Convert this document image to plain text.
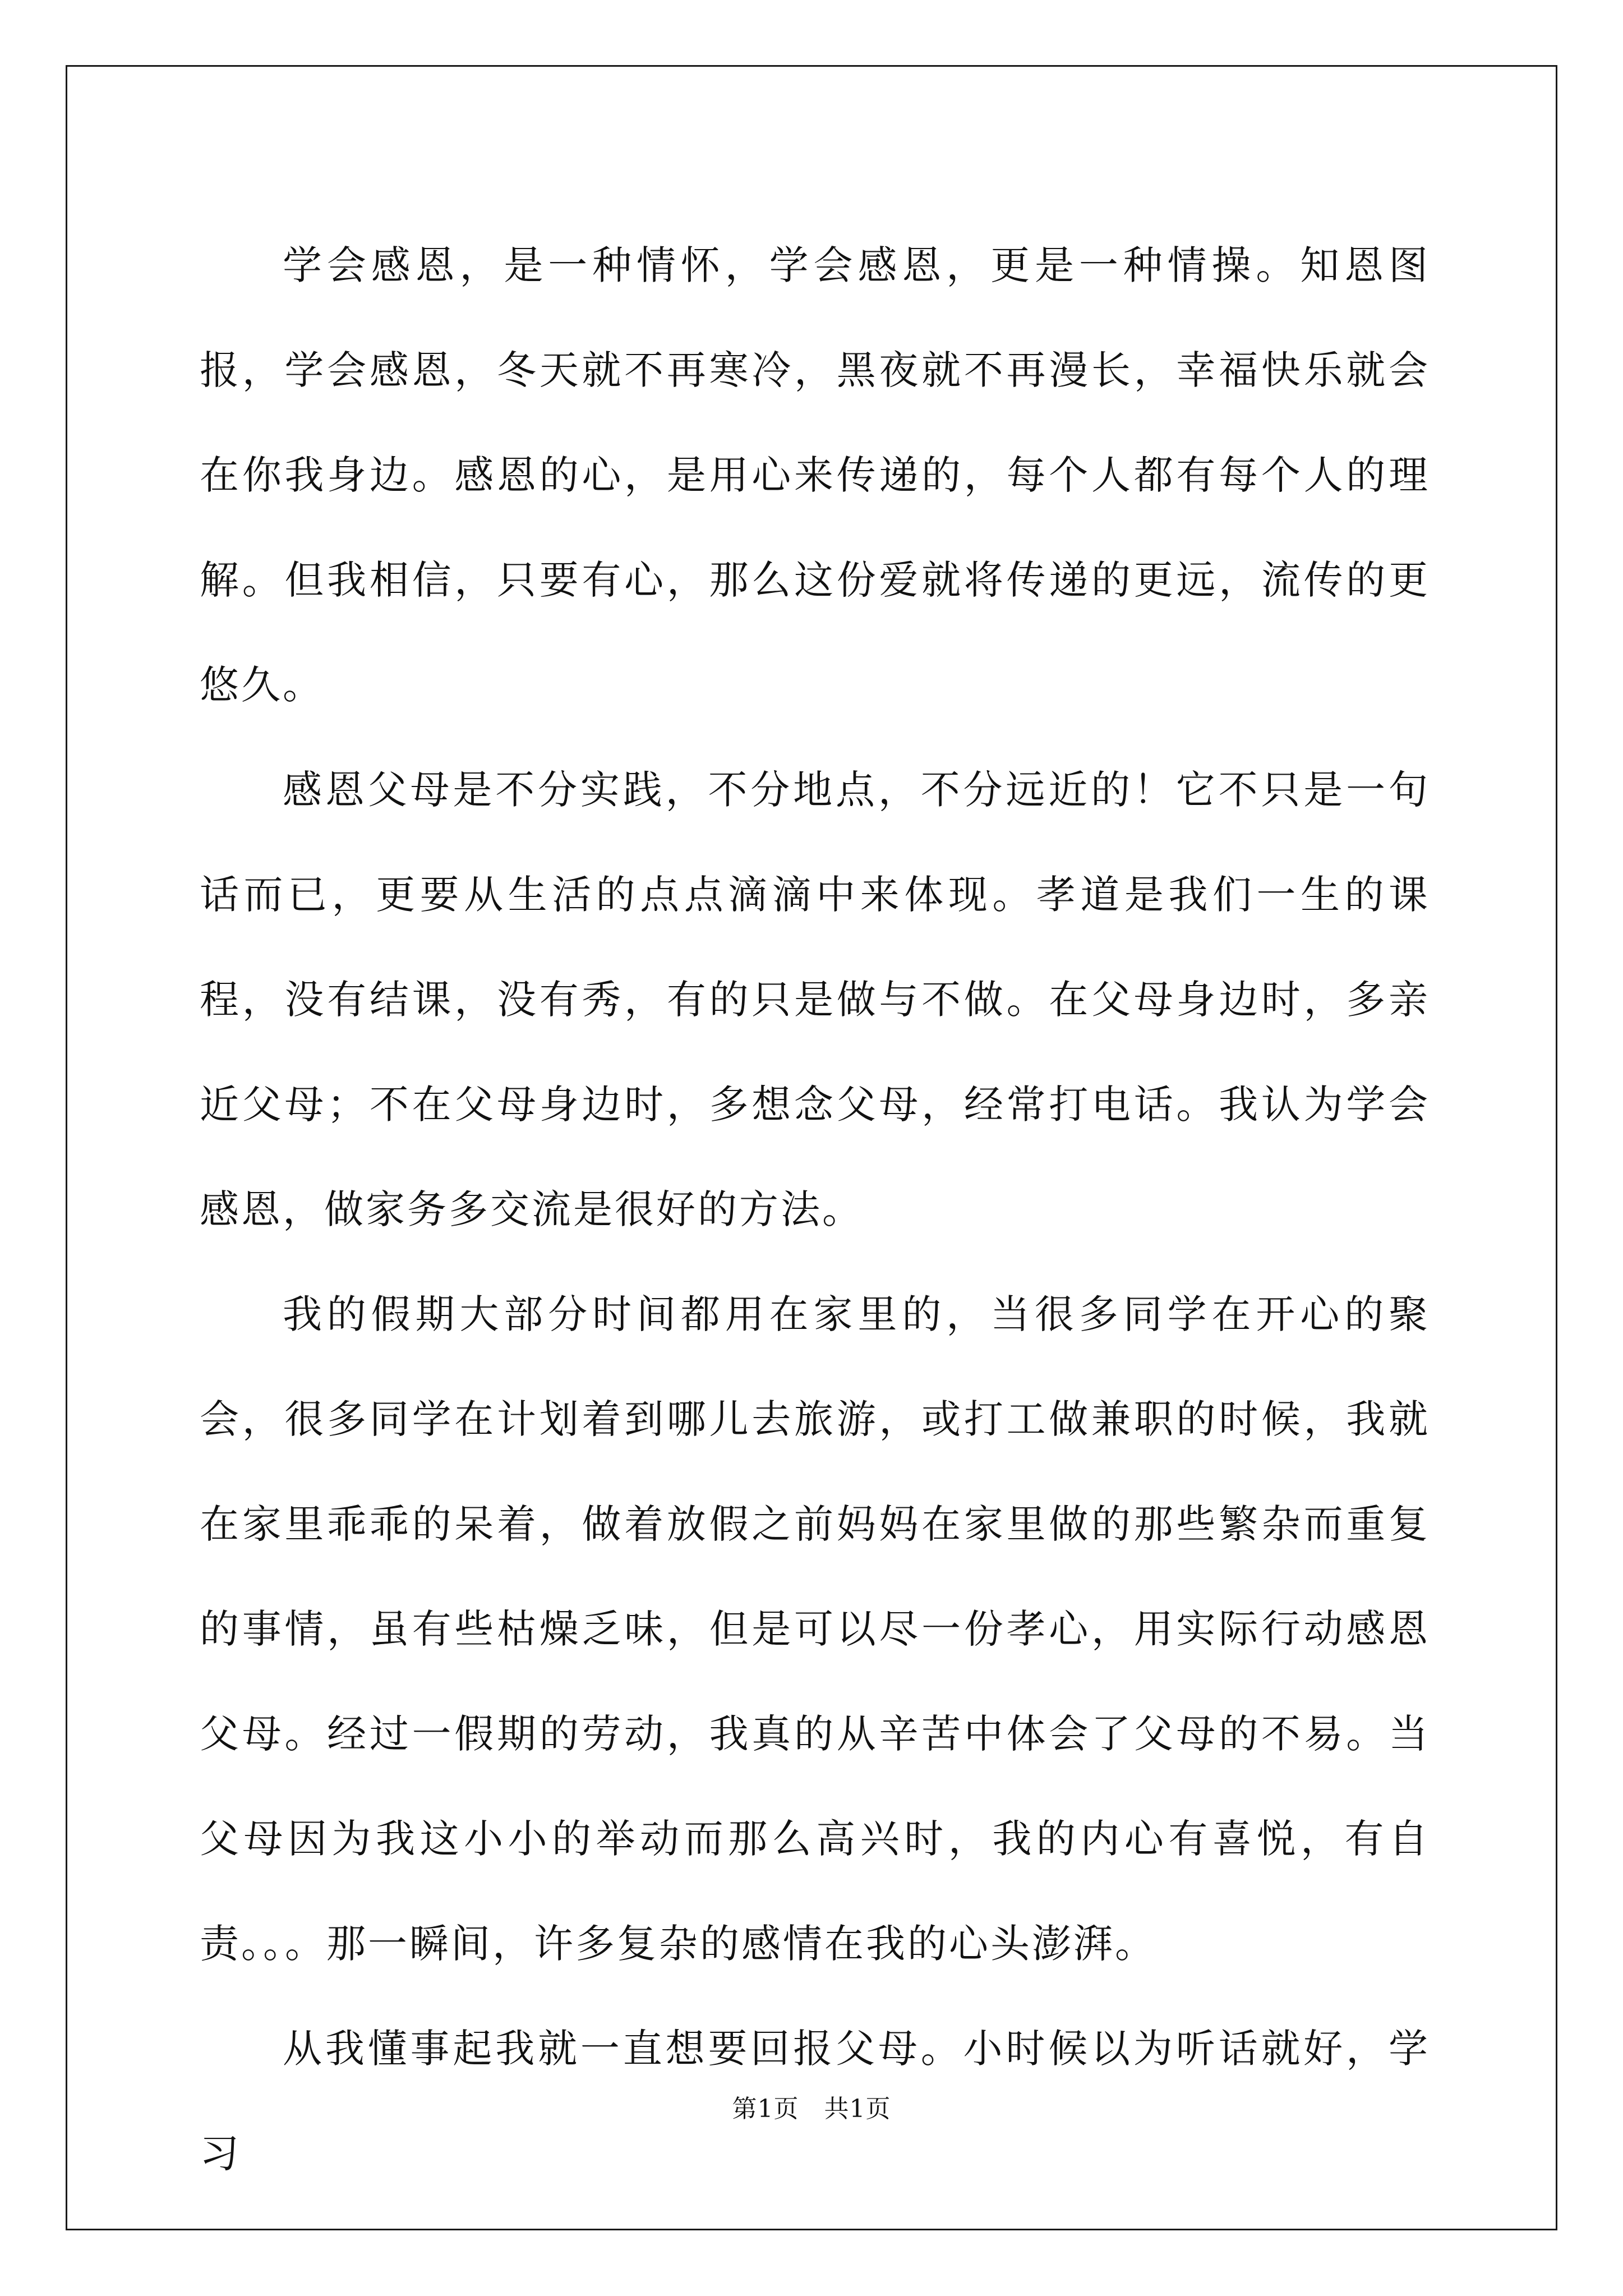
学会感恩，是一种情怀，学会感恩，更是一种情操。知恩图报，学会感恩，冬天就不再寒冷，黑夜就不再漫长，幸福快乐就会在你我身边。感恩的心，是用心来传递的，每个人都有每个人的理解。但我相信，只要有心，那么这份爱就将传递的更远，流传的更悠久。

感恩父母是不分实践，不分地点，不分远近的！它不只是一句话而已，更要从生活的点点滴滴中来体现。孝道是我们一生的课程，没有结课，没有秀，有的只是做与不做。在父母身边时，多亲近父母；不在父母身边时，多想念父母，经常打电话。我认为学会感恩，做家务多交流是很好的方法。

我的假期大部分时间都用在家里的，当很多同学在开心的聚会，很多同学在计划着到哪儿去旅游，或打工做兼职的时候，我就在家里乖乖的呆着，做着放假之前妈妈在家里做的那些繁杂而重复的事情，虽有些枯燥乏味，但是可以尽一份孝心，用实际行动感恩父母。经过一假期的劳动，我真的从辛苦中体会了父母的不易。当父母因为我这小小的举动而那么高兴时，我的内心有喜悦，有自责。。。那一瞬间，许多复杂的感情在我的心头澎湃。

从我懂事起我就一直想要回报父母。小时候以为听话就好，学习

第1页 共1页
